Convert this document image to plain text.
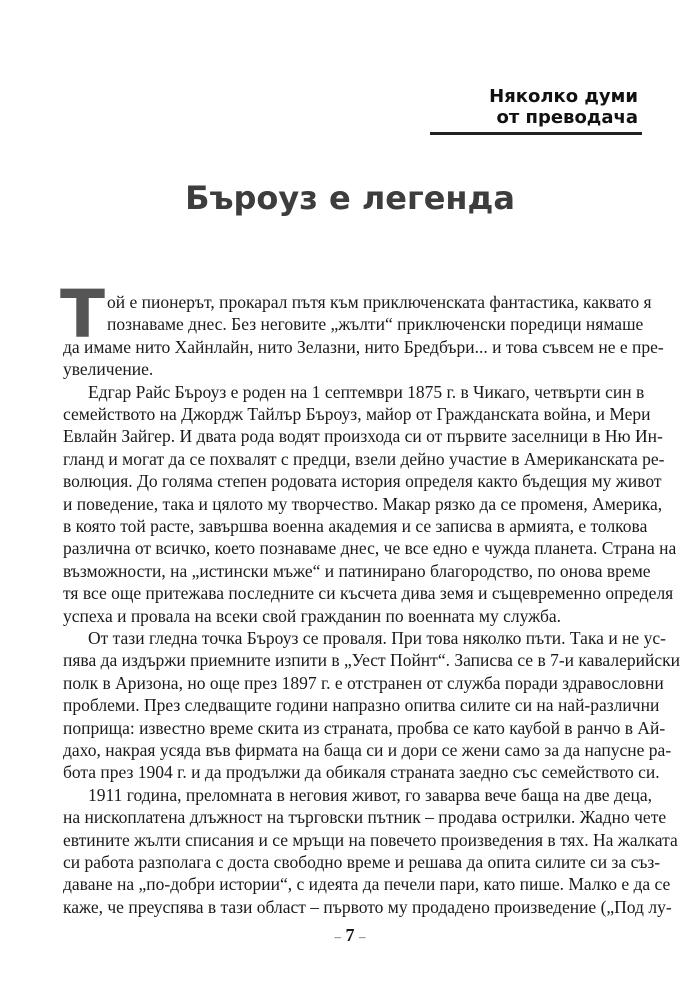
Няколко думи
от преводача
Бъроуз е легенда
Т ой е пионерът, прокарал пътя към приключенската фантастика, каквато я
познаваме днес. Без неговите „жълти“ приключенски поредици нямаше
да имаме нито Хайнлайн, нито Зелазни, нито Бредбъри... и това съвсем не е пре-
увеличение.
Едгар Райс Бъроуз е роден на 1 септември 1875 г. в Чикаго, четвърти син в
семейството на Джордж Тайлър Бъроуз, майор от Гражданската война, и Мери
Евлайн Зайгер. И двата рода водят произхода си от първите заселници в Ню Ин-
гланд и могат да се похвалят с предци, взели дейно участие в Американската ре-
волюция. До голяма степен родовата история определя както бъдещия му живот
и поведение, така и цялото му творчество. Макар рязко да се променя, Америка,
в която той расте, завършва военна академия и се записва в армията, е толкова
различна от всичко, което познаваме днес, че все едно е чужда планета. Страна на
възможности, на „истински мъже“ и патинирано благородство, по онова време
тя все още притежава последните си късчета дива земя и същевременно определя
успеха и провала на всеки свой гражданин по военната му служба.
От тази гледна точка Бъроуз се проваля. При това няколко пъти. Така и не ус-
пява да издържи приемните изпити в „Уест Пойнт“. Записва се в 7-и кавалерийски
полк в Аризона, но още през 1897 г. е отстранен от служба поради здравословни
проблеми. През следващите години напразно опитва силите си на най-различни
поприща: известно време скита из страната, пробва се като каубой в ранчо в Ай-
дахо, накрая усяда във фирмата на баща си и дори се жени само за да напусне ра-
бота през 1904 г. и да продължи да обикаля страната заедно със семейството си.
1911 година, преломната в неговия живот, го заварва вече баща на две деца,
на нископлатена длъжност на търговски пътник – продава острилки. Жадно чете
евтините жълти списания и се мръщи на повечето произведения в тях. На жалката
си работа разполага с доста свободно време и решава да опита силите си за съз-
даване на „по-добри истории“, с идеята да печели пари, като пише. Малко е да се
каже, че преуспява в тази област – първото му продадено произведение („Под лу-
– 7 –
